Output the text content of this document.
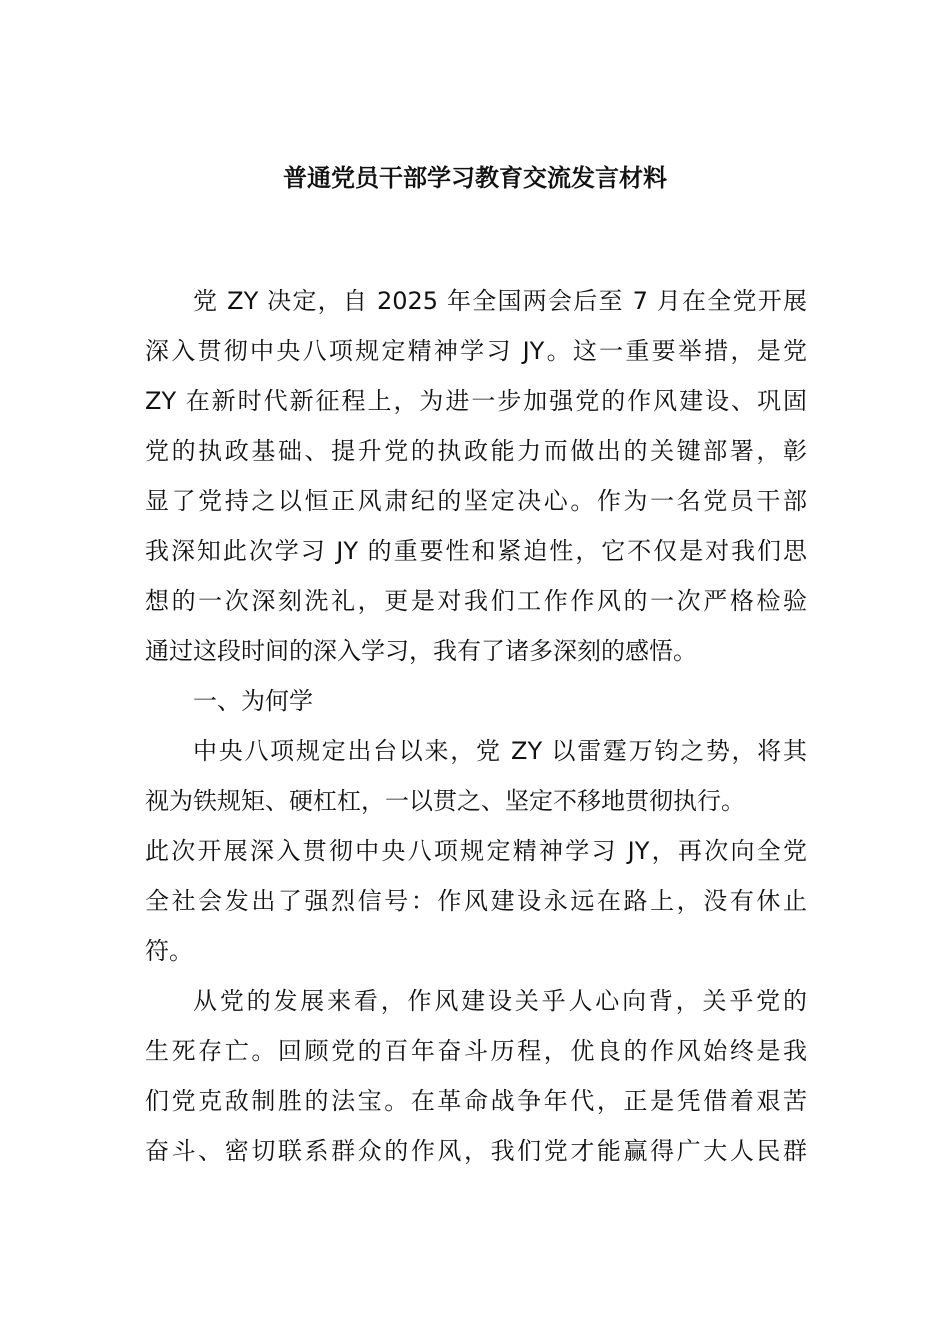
普通党员干部学习教育交流发言材料
党 ZY 决定，自 2025 年全国两会后至 7 月在全党开展
深入贯彻中央八项规定精神学习 JY。这一重要举措，是党
ZY 在新时代新征程上，为进一步加强党的作风建设、巩固
党的执政基础、提升党的执政能力而做出的关键部署，彰
显了党持之以恒正风肃纪的坚定决心。作为一名党员干部
我深知此次学习 JY 的重要性和紧迫性，它不仅是对我们思
想的一次深刻洗礼，更是对我们工作作风的一次严格检验
通过这段时间的深入学习，我有了诸多深刻的感悟。
一、为何学
中央八项规定出台以来，党 ZY 以雷霆万钧之势，将其
视为铁规矩、硬杠杠，一以贯之、坚定不移地贯彻执行。
此次开展深入贯彻中央八项规定精神学习 JY，再次向全党
全社会发出了强烈信号：作风建设永远在路上，没有休止
符。
从党的发展来看，作风建设关乎人心向背，关乎党的
生死存亡。回顾党的百年奋斗历程，优良的作风始终是我
们党克敌制胜的法宝。在革命战争年代，正是凭借着艰苦
奋斗、密切联系群众的作风，我们党才能赢得广大人民群
